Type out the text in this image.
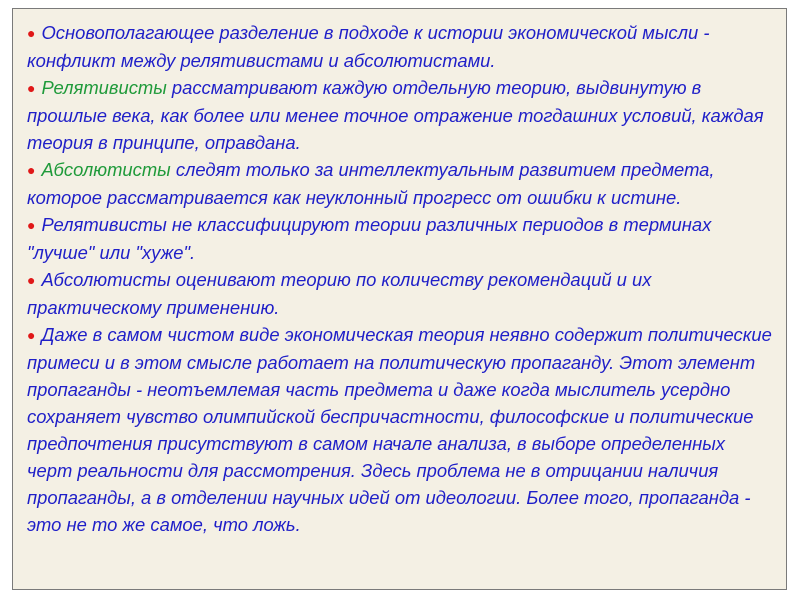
● Основополагающее разделение в подходе к истории экономической мысли - конфликт между релятивистами и абсолютистами.

● Релятивисты рассматривают каждую отдельную теорию, выдвинутую в прошлые века, как более или менее точное отражение тогдашних условий, каждая теория в принципе, оправдана.

● Абсолютисты следят только за интеллектуальным развитием предмета, которое рассматривается как неуклонный прогресс от ошибки к истине.

● Релятивисты не классифицируют теории различных периодов в терминах "лучше" или "хуже".

● Абсолютисты оценивают теорию по количеству рекомендаций и их практическому применению.

● Даже в самом чистом виде экономическая теория неявно содержит политические примеси и в этом смысле работает на политическую пропаганду. Этот элемент пропаганды - неотъемлемая часть предмета и даже когда мыслитель усердно сохраняет чувство олимпийской беспричастности, философские и политические предпочтения присутствуют в самом начале анализа, в выборе определенных черт реальности для рассмотрения. Здесь проблема не в отрицании наличия пропаганды, а в отделении научных идей от идеологии. Более того, пропаганда - это не то же самое, что ложь.
